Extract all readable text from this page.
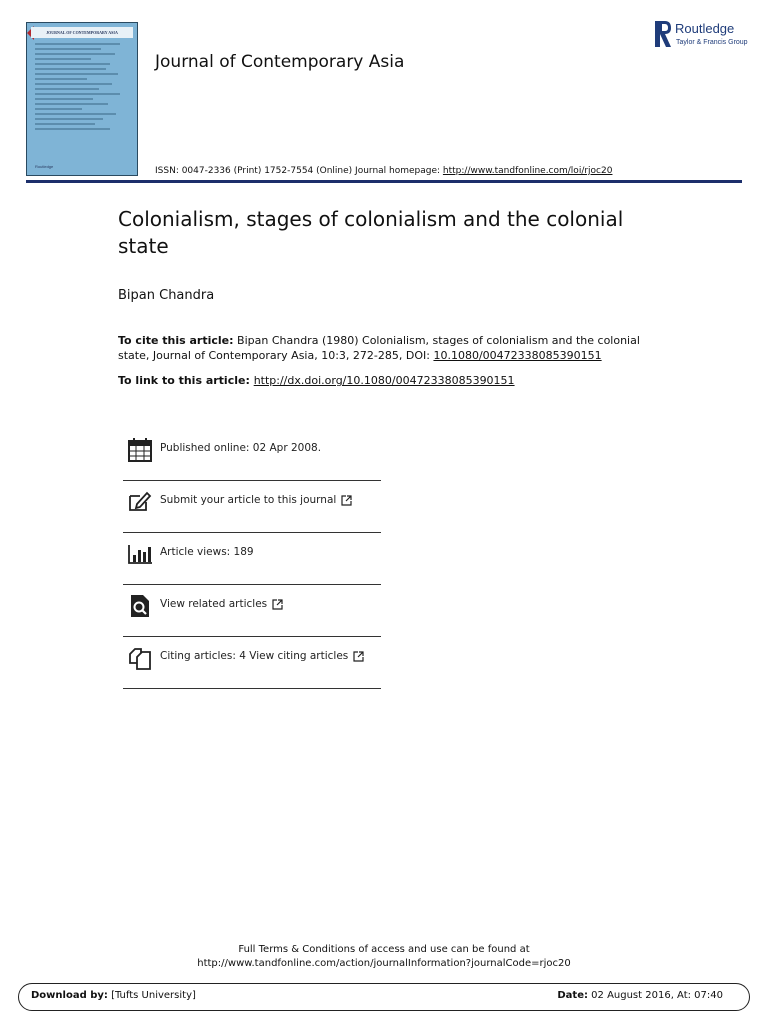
JOURNAL OF CONTEMPORARY ASIA
Routledge
Journal of Contemporary Asia
Routledge
Taylor & Francis Group
ISSN: 0047-2336 (Print) 1752-7554 (Online) Journal homepage: http://www.tandfonline.com/loi/rjoc20
Colonialism, stages of colonialism and the colonial state
Bipan Chandra
To cite this article: Bipan Chandra (1980) Colonialism, stages of colonialism and the colonial state, Journal of Contemporary Asia, 10:3, 272-285, DOI: 10.1080/00472338085390151
To link to this article: http://dx.doi.org/10.1080/00472338085390151
Published online: 02 Apr 2008.
Submit your article to this journal
Article views: 189
View related articles
Citing articles: 4 View citing articles
Full Terms & Conditions of access and use can be found at
http://www.tandfonline.com/action/journalInformation?journalCode=rjoc20
Download by: [Tufts University]	Date: 02 August 2016, At: 07:40
